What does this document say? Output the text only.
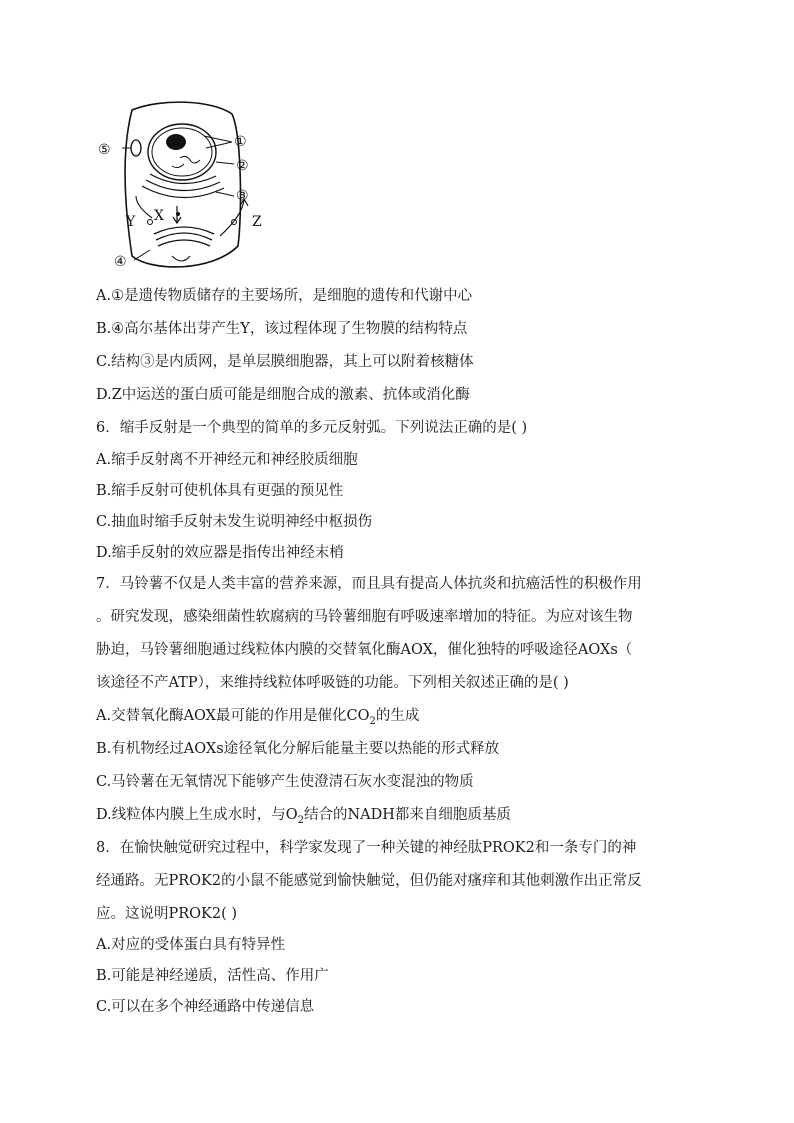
①
②
③
④
⑤
X
Y	Z
A.①是遗传物质储存的主要场所，是细胞的遗传和代谢中心
B.④高尔基体出芽产生Y，该过程体现了生物膜的结构特点
C.结构③是内质网，是单层膜细胞器，其上可以附着核糖体
D.Z中运送的蛋白质可能是细胞合成的激素、抗体或消化酶
6．缩手反射是一个典型的简单的多元反射弧。下列说法正确的是( )
A.缩手反射离不开神经元和神经胶质细胞
B.缩手反射可使机体具有更强的预见性
C.抽血时缩手反射未发生说明神经中枢损伤
D.缩手反射的效应器是指传出神经末梢
7．马铃薯不仅是人类丰富的营养来源，而且具有提高人体抗炎和抗癌活性的积极作用
。研究发现，感染细菌性软腐病的马铃薯细胞有呼吸速率增加的特征。为应对该生物
胁迫，马铃薯细胞通过线粒体内膜的交替氧化酶AOX，催化独特的呼吸途径AOXs（
该途径不产ATP），来维持线粒体呼吸链的功能。下列相关叙述正确的是( )
A.交替氧化酶AOX最可能的作用是催化$CO_2$的生成
B.有机物经过AOXs途径氧化分解后能量主要以热能的形式释放
C.马铃薯在无氧情况下能够产生使澄清石灰水变混浊的物质
D.线粒体内膜上生成水时，与$O_2$结合的NADH都来自细胞质基质
8．在愉快触觉研究过程中，科学家发现了一种关键的神经肽PROK2和一条专门的神
经通路。无PROK2的小鼠不能感觉到愉快触觉，但仍能对瘙痒和其他刺激作出正常反
应。这说明PROK2( )
A.对应的受体蛋白具有特异性
B.可能是神经递质，活性高、作用广
C.可以在多个神经通路中传递信息
